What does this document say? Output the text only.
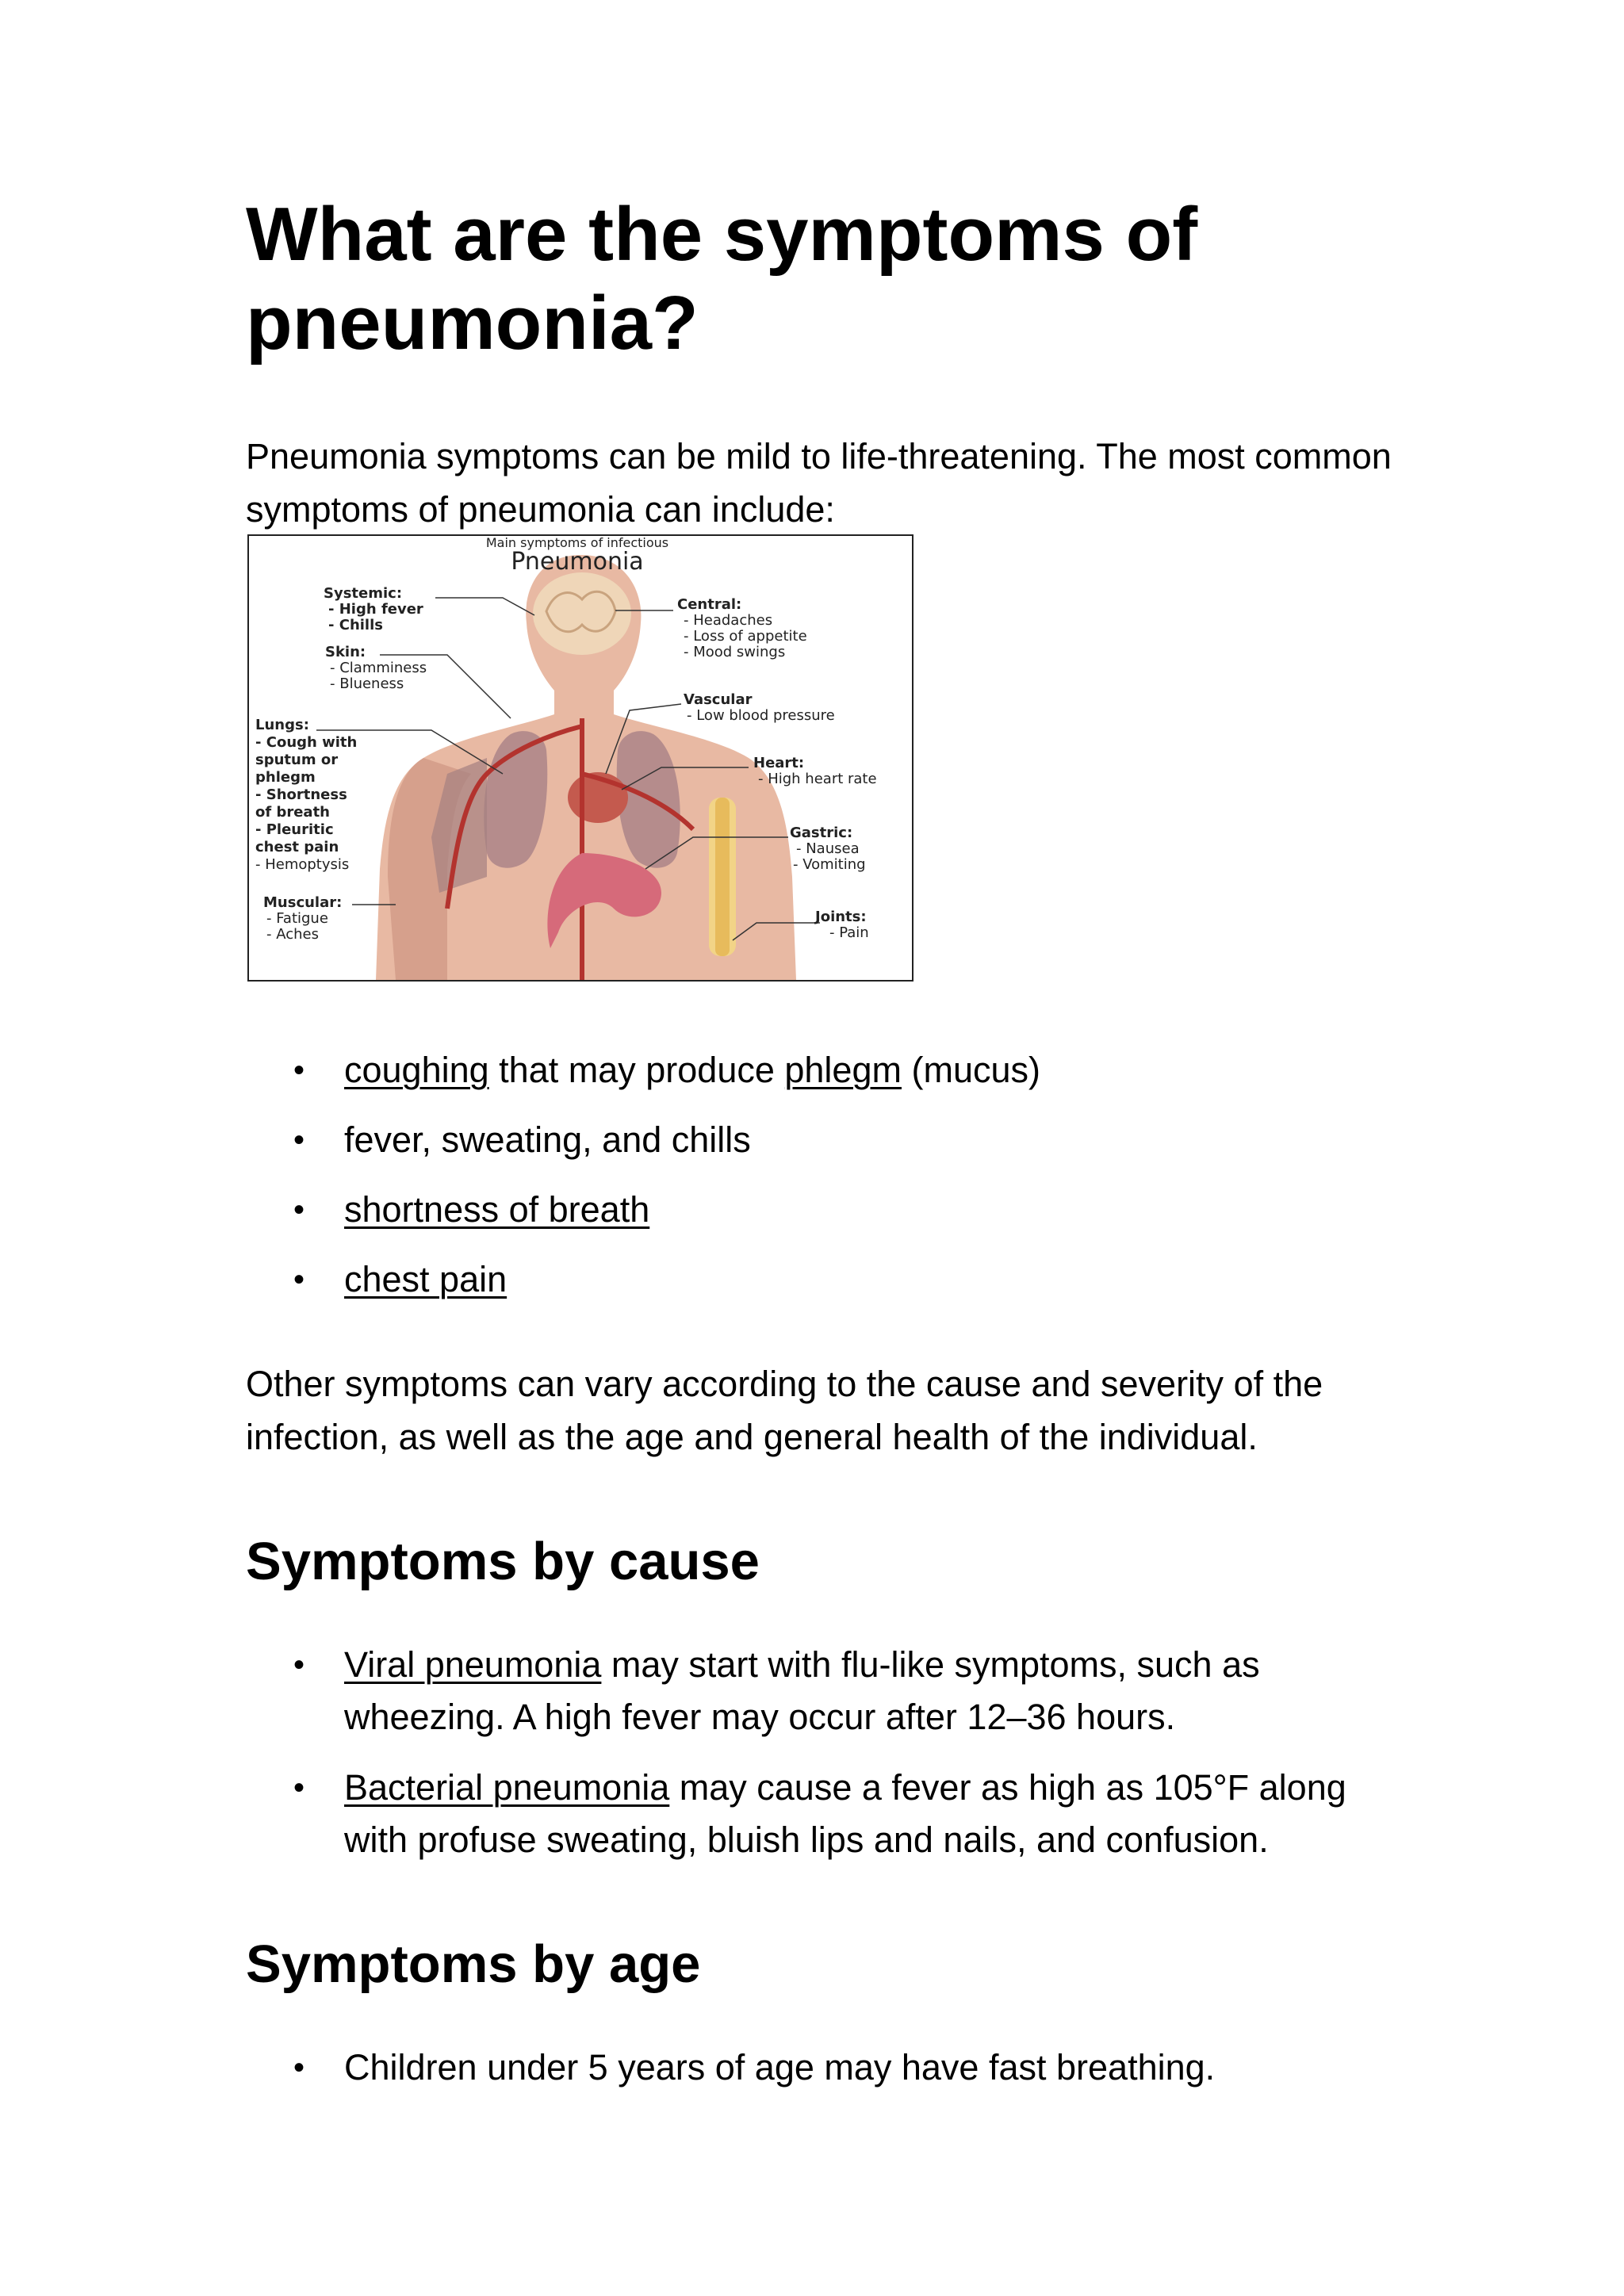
What are the symptoms of pneumonia?

Pneumonia symptoms can be mild to life-threatening. The most common symptoms of pneumonia can include:

Main symptoms of infectious
Pneumonia
Systemic:
- High fever
- Chills
Skin:
- Clamminess
- Blueness
Lungs:
- Cough with
sputum or
phlegm
- Shortness
of breath
- Pleuritic
chest pain
- Hemoptysis
Muscular:
- Fatigue
- Aches
Central:
- Headaches
- Loss of appetite
- Mood swings
Vascular
- Low blood pressure
Heart:
- High heart rate
Gastric:
- Nausea
- Vomiting
Joints:
- Pain
• coughing that may produce phlegm (mucus)
• fever, sweating, and chills
• shortness of breath
• chest pain

Other symptoms can vary according to the cause and severity of the infection, as well as the age and general health of the individual.

Symptoms by cause
• Viral pneumonia may start with flu-like symptoms, such as wheezing. A high fever may occur after 12–36 hours.
• Bacterial pneumonia may cause a fever as high as 105°F along with profuse sweating, bluish lips and nails, and confusion.
Symptoms by age
• Children under 5 years of age may have fast breathing.
